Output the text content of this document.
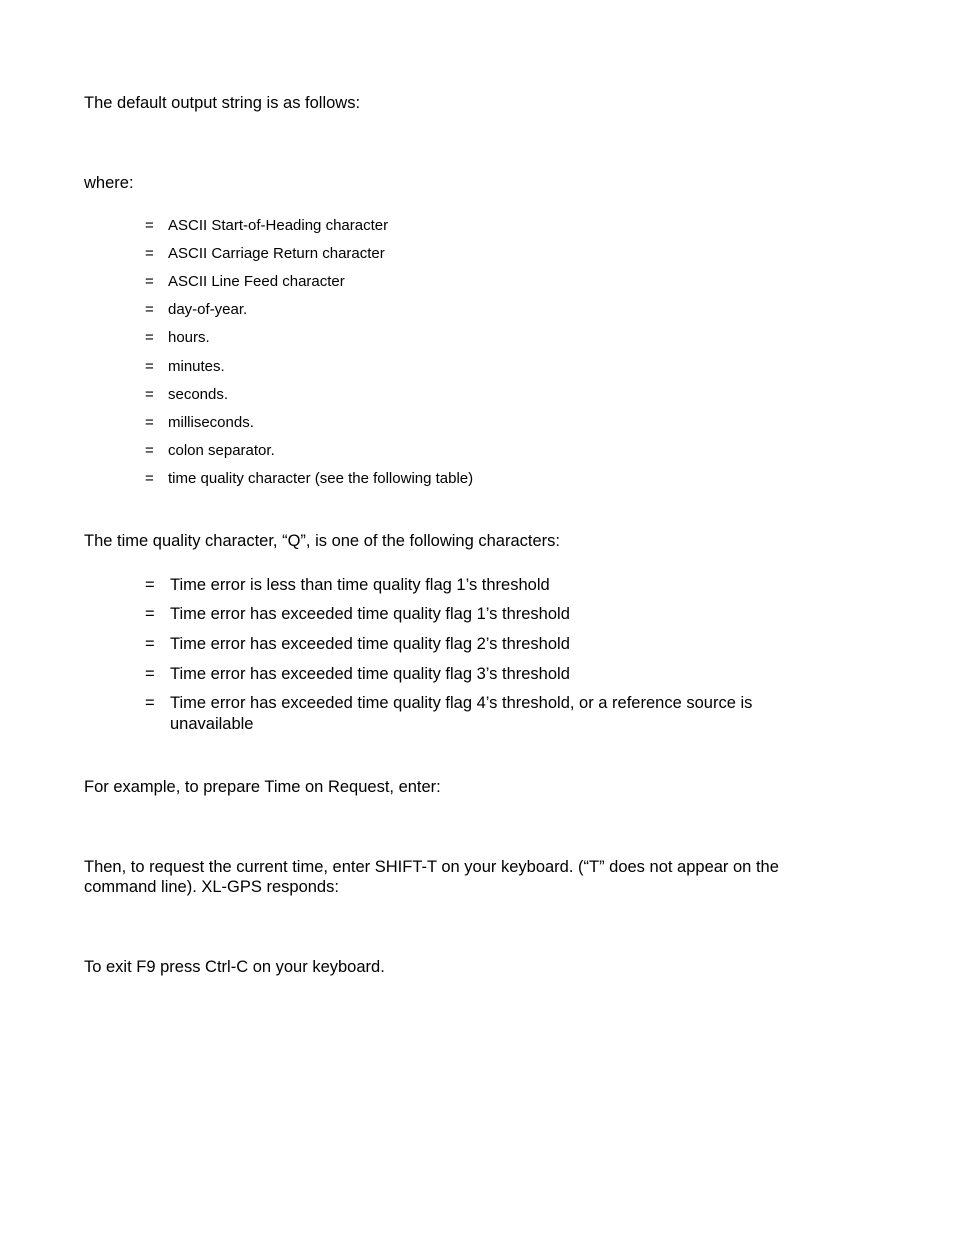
The default output string is as follows:

where:

= ASCII Start-of-Heading character
= ASCII Carriage Return character
= ASCII Line Feed character
= day-of-year.
= hours.
= minutes.
= seconds.
= milliseconds.
= colon separator.
= time quality character (see the following table)

The time quality character, “Q”, is one of the following characters:

= Time error is less than time quality flag 1’s threshold
= Time error has exceeded time quality flag 1’s threshold
= Time error has exceeded time quality flag 2’s threshold
= Time error has exceeded time quality flag 3’s threshold
= Time error has exceeded time quality flag 4’s threshold, or a reference source is unavailable

For example, to prepare Time on Request, enter:

Then, to request the current time, enter SHIFT-T on your keyboard. (“T” does not appear on the command line). XL-GPS responds:

To exit F9 press Ctrl-C on your keyboard.
